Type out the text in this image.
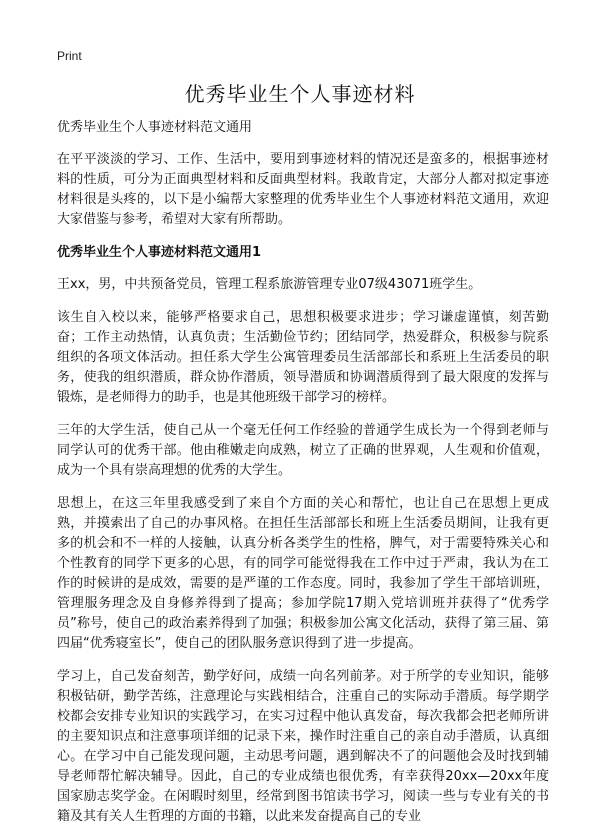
Print
优秀毕业生个人事迹材料

优秀毕业生个人事迹材料范文通用

在平平淡淡的学习、工作、生活中，要用到事迹材料的情况还是蛮多的，根据事迹材料的性质，可分为正面典型材料和反面典型材料。我敢肯定，大部分人都对拟定事迹材料很是头疼的，以下是小编帮大家整理的优秀毕业生个人事迹材料范文通用，欢迎大家借鉴与参考，希望对大家有所帮助。

优秀毕业生个人事迹材料范文通用1

王xx，男，中共预备党员，管理工程系旅游管理专业07级43071班学生。

该生自入校以来，能够严格要求自己，思想积极要求进步；学习谦虚谨慎，刻苦勤奋；工作主动热情，认真负责；生活勤俭节约；团结同学，热爱群众，积极参与院系组织的各项文体活动。担任系大学生公寓管理委员生活部部长和系班上生活委员的职务，使我的组织潜质，群众协作潜质，领导潜质和协调潜质得到了最大限度的发挥与锻炼，是老师得力的助手，也是其他班级干部学习的榜样。

三年的大学生活，使自己从一个毫无任何工作经验的普通学生成长为一个得到老师与同学认可的优秀干部。他由稚嫩走向成熟，树立了正确的世界观，人生观和价值观，成为一个具有崇高理想的优秀的大学生。

思想上，在这三年里我感受到了来自个方面的关心和帮忙，也让自己在思想上更成熟，并摸索出了自己的办事风格。在担任生活部部长和班上生活委员期间，让我有更多的机会和不一样的人接触，认真分析各类学生的性格，脾气，对于需要特殊关心和个性教育的同学下更多的心思，有的同学可能觉得我在工作中过于严肃，我认为在工作的时候讲的是成效，需要的是严谨的工作态度。同时，我参加了学生干部培训班，管理服务理念及自身修养得到了提高；参加学院17期入党培训班并获得了“优秀学员”称号，使自己的政治素养得到了加强；积极参加公寓文化活动，获得了第三届、第四届“优秀寝室长”，使自己的团队服务意识得到了进一步提高。

学习上，自己发奋刻苦，勤学好问，成绩一向名列前茅。对于所学的专业知识，能够积极钻研，勤学苦练，注意理论与实践相结合，注重自己的实际动手潜质。每学期学校都会安排专业知识的实践学习，在实习过程中他认真发奋，每次我都会把老师所讲的主要知识点和注意事项详细的记录下来，操作时注重自己的亲自动手潜质，认真细心。在学习中自己能发现问题，主动思考问题，遇到解决不了的问题他会及时找到辅导老师帮忙解决辅导。因此，自己的专业成绩也很优秀，有幸获得20xx—20xx年度国家励志奖学金。在闲暇时刻里，经常到图书馆读书学习，阅读一些与专业有关的书籍及其有关人生哲理的方面的书籍，以此来发奋提高自己的专业
